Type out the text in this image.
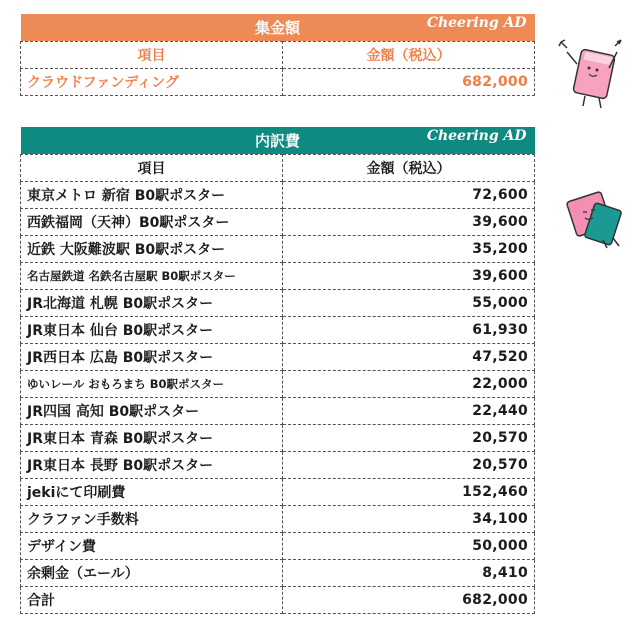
集金額 Cheering AD	

項目	金額（税込）
クラウドファンディング	682,000
内訳費 Cheering AD	

項目	金額（税込）
東京メトロ 新宿 B0駅ポスター	72,600
西鉄福岡（天神）B0駅ポスター	39,600
近鉄 大阪難波駅 B0駅ポスター	35,200
名古屋鉄道 名鉄名古屋駅 B0駅ポスター	39,600
JR北海道 札幌 B0駅ポスター	55,000
JR東日本 仙台 B0駅ポスター	61,930
JR西日本 広島 B0駅ポスター	47,520
ゆいレール おもろまち B0駅ポスター	22,000
JR四国 高知 B0駅ポスター	22,440
JR東日本 青森 B0駅ポスター	20,570
JR東日本 長野 B0駅ポスター	20,570
jekiにて印刷費	152,460
クラファン手数料	34,100
デザイン費	50,000
余剰金（エール）	8,410
合計	682,000
